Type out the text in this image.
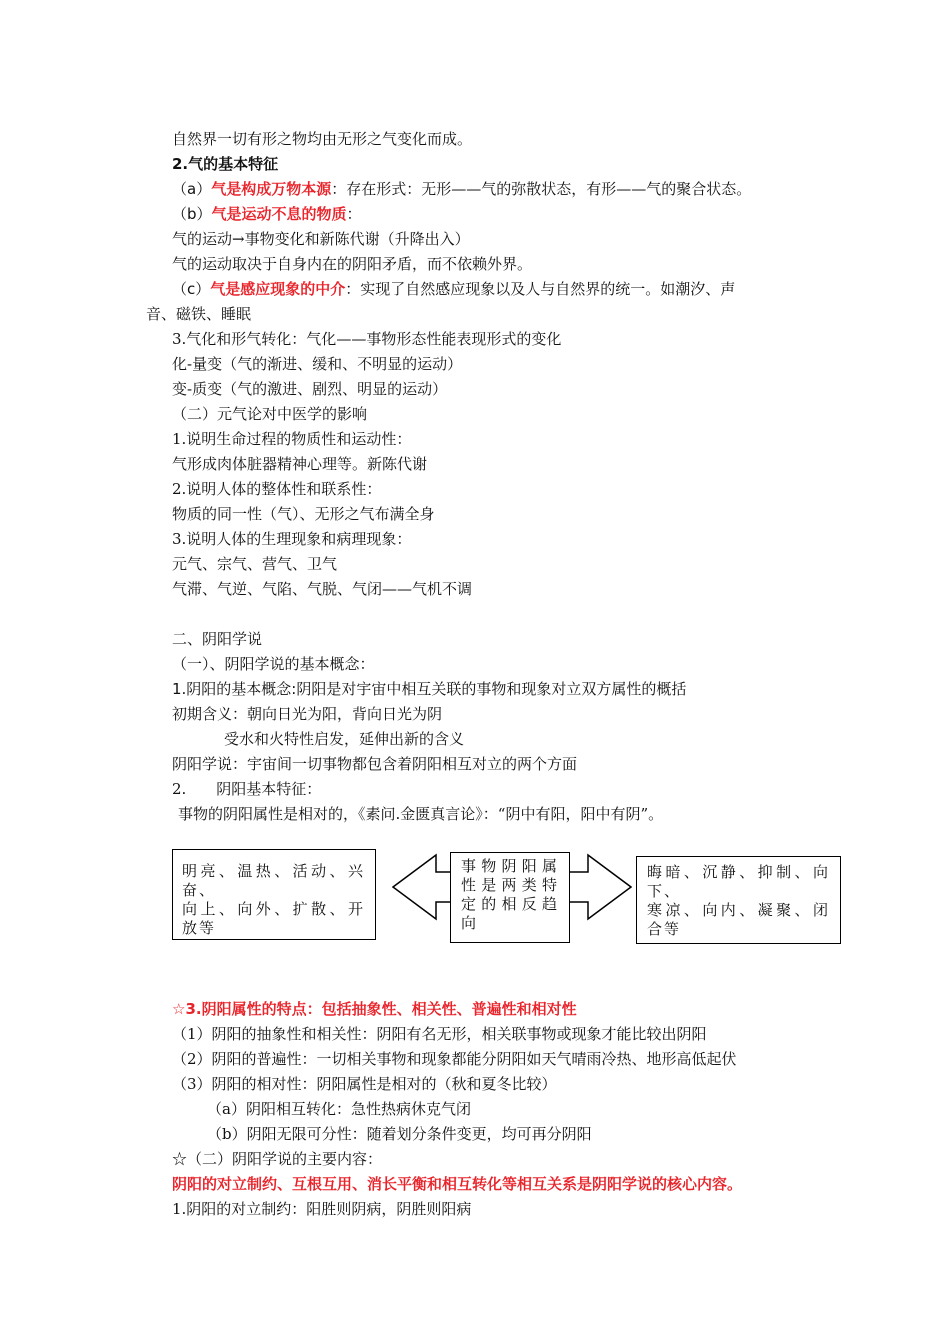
自然界一切有形之物均由无形之气变化而成。
2.气的基本特征
（a）气是构成万物本源：存在形式：无形——气的弥散状态，有形——气的聚合状态。
（b）气是运动不息的物质：
气的运动→事物变化和新陈代谢（升降出入）
气的运动取决于自身内在的阴阳矛盾，而不依赖外界。
（c）气是感应现象的中介：实现了自然感应现象以及人与自然界的统一。如潮汐、声
音、磁铁、睡眠
3.气化和形气转化：气化——事物形态性能表现形式的变化
化-量变（气的渐进、缓和、不明显的运动）
变-质变（气的激进、剧烈、明显的运动）
（二）元气论对中医学的影响
1.说明生命过程的物质性和运动性：
气形成肉体脏器精神心理等。新陈代谢
2.说明人体的整体性和联系性：
物质的同一性（气）、无形之气布满全身
3.说明人体的生理现象和病理现象：
元气、宗气、营气、卫气
气滞、气逆、气陷、气脱、气闭——气机不调
二、阴阳学说
（一）、阴阳学说的基本概念：
1.阴阳的基本概念:阴阳是对宇宙中相互关联的事物和现象对立双方属性的概括
初期含义：朝向日光为阳，背向日光为阴
受水和火特性启发，延伸出新的含义
阴阳学说：宇宙间一切事物都包含着阴阳相互对立的两个方面
2.　　阴阳基本特征：
事物的阴阳属性是相对的，《素问.金匮真言论》：“阴中有阳，阳中有阴”。
明亮、温热、活动、兴奋、
向上、向外、扩散、开放等
事物阴阳属性是两类特定的相反趋向
晦暗、沉静、抑制、向下、
寒凉、向内、凝聚、闭合等
☆3.阴阳属性的特点：包括抽象性、相关性、普遍性和相对性
（1）阴阳的抽象性和相关性：阴阳有名无形，相关联事物或现象才能比较出阴阳
（2）阴阳的普遍性：一切相关事物和现象都能分阴阳如天气晴雨冷热、地形高低起伏
（3）阴阳的相对性：阴阳属性是相对的（秋和夏冬比较）
（a）阴阳相互转化：急性热病休克气闭
（b）阴阳无限可分性：随着划分条件变更，均可再分阴阳
☆（二）阴阳学说的主要内容：
阴阳的对立制约、互根互用、消长平衡和相互转化等相互关系是阴阳学说的核心内容。
1.阴阳的对立制约：阳胜则阴病，阴胜则阳病
